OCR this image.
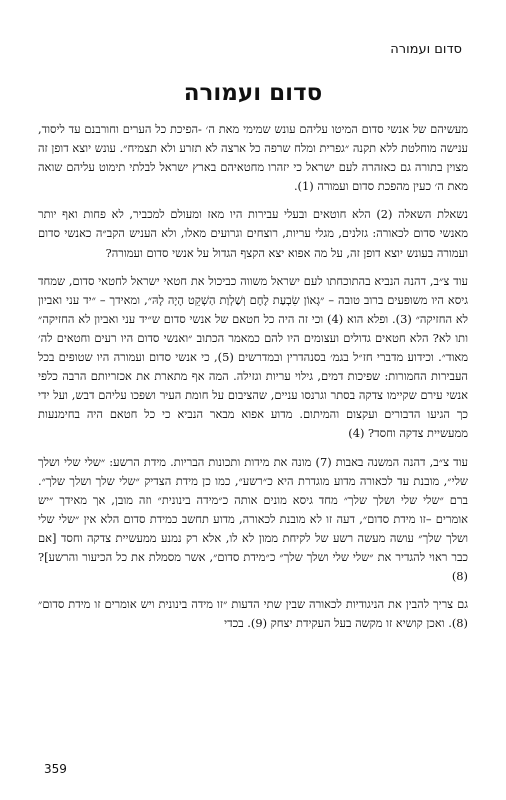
סדום ועמורה
סדום ועמורה

מעשיהם של אנשי סדום המיטו עליהם עונש שמימי מאת ה׳ -הפיכת כל הערים וחורבנם עד ליסוד, ענישה מוחלטת ללא תקנה ״גפרית ומלח שרפה כל ארצה לא תזרע ולא תצמיח״. עונש יוצא דופן זה מצוין בתורה גם כאזהרה לעם ישראל כי יזהרו מחטאיהם בארץ ישראל לבלתי תימוט עליהם שואה מאת ה׳ כעין מהפכת סדום ועמורה (1).

נשאלת השאלה (2) הלא חוטאים ובעלי עבירות היו מאז ומעולם למכביר, לא פחות ואף יותר מאנשי סדום לכאורה: גזלנים, מגלי עריות, רוצחים וגרועים מאלו, ולא העניש הקב״ה כאנשי סדום ועמורה בעונש יוצא דופן זה, על מה אפוא יצא הקצף הגדול על אנשי סדום ועמורה?

עוד צ״ב, דהנה הנביא בהתוכחתו לעם ישראל משווה כביכול את חטאי ישראל לחטאי סדום, שמחד גיסא היו משופעים ברוב טובה – ״גְאוֹן שִׂבְעַת לֶחֶם וְשַׁלְוַת הַשְׁקֵט הָיָה לָהּ״, ומאידך – ״יד עני ואביון לא החזיקה״ (3). ופלא הוא (4) וכי זה היה כל חטאם של אנשי סדום ש״יד עני ואביון לא החזיקה״ ותו לא? הלא חטאים גדולים ועצומים היו להם כמאמר הכתוב ״ואנשי סדום היו רעים וחטאים לה׳ מאוד״. וכידוע מדברי חז״ל בגמ׳ בסנהדרין ובמדרשים (5), כי אנשי סדום ועמורה היו שטופים בכל העבירות החמורות: שפיכות דמים, גילוי עריות וגזילה. המה אף מתארת את אכזריותם הרבה כלפי אנשי עירם שקיימו צדקה בסתר וגרנסו עניים, שהציבום על חומת העיר ושפכו עליהם דבש, ועל ידי כך הגיעו הדבורים ועקצום והמיתום. מדוע אפוא מבאר הנביא כי כל חטאם היה בחימנעות ממעשיית צדקה וחסד? (4)

עוד צ״ב, דהנה המשנה באבות (7) מונה את מידות ותכונות הבריות. מידת הרשע: ״שלי שלי ושלך שלי״, מובנת עד לכאורה מדוע מוגדרת היא כ״רשע״, כמו כן מידת הצדיק ״שלי שלך ושלך שלך״. ברם ״שלי שלי ושלך שלך״ מחד גיסא מונים אותה כ״מידה בינונית״ וזה מובן, אך מאידך ״יש אומרים –זו מידת סדום״, דעה זו לא מובנת לכאורה, מדוע תחשב כמידת סדום הלא אין ״שלי שלי ושלך שלך״ עושה מעשה רשע של לקיחת ממון לא לו, אלא רק נמנע ממעשיית צדקה וחסד [אם כבר ראוי להגדיר את ״שלי שלי ושלך שלך״ כ״מידת סדום״, אשר מסמלת את כל הכיעור והרשע]? (8)

גם צריך להבין את הניגודיות לכאורה שבין שתי הדעות ״זו מידה בינונית ויש אומרים זו מידת סדום״ (8). ואכן קושיא זו מקשה בעל העקידת יצחק (9). בכדי

359
